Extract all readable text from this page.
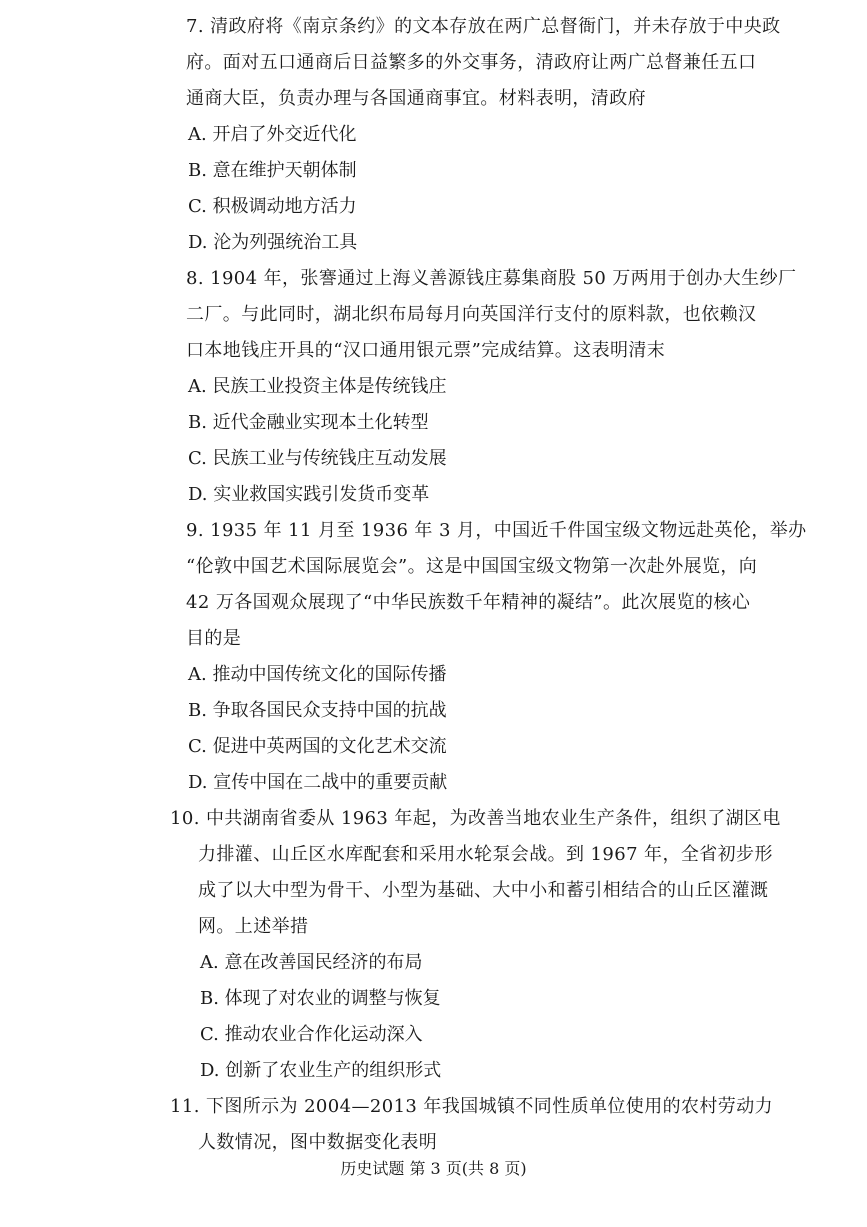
7. 清政府将《南京条约》的文本存放在两广总督衙门，并未存放于中央政
府。面对五口通商后日益繁多的外交事务，清政府让两广总督兼任五口
通商大臣，负责办理与各国通商事宜。材料表明，清政府
A. 开启了外交近代化
B. 意在维护天朝体制
C. 积极调动地方活力
D. 沦为列强统治工具
8. 1904 年，张謇通过上海义善源钱庄募集商股 50 万两用于创办大生纱厂
二厂。与此同时，湖北织布局每月向英国洋行支付的原料款，也依赖汉
口本地钱庄开具的“汉口通用银元票”完成结算。这表明清末
A. 民族工业投资主体是传统钱庄
B. 近代金融业实现本土化转型
C. 民族工业与传统钱庄互动发展
D. 实业救国实践引发货币变革
9. 1935 年 11 月至 1936 年 3 月，中国近千件国宝级文物远赴英伦，举办
“伦敦中国艺术国际展览会”。这是中国国宝级文物第一次赴外展览，向
42 万各国观众展现了“中华民族数千年精神的凝结”。此次展览的核心
目的是
A. 推动中国传统文化的国际传播
B. 争取各国民众支持中国的抗战
C. 促进中英两国的文化艺术交流
D. 宣传中国在二战中的重要贡献
10. 中共湖南省委从 1963 年起，为改善当地农业生产条件，组织了湖区电
力排灌、山丘区水库配套和采用水轮泵会战。到 1967 年，全省初步形
成了以大中型为骨干、小型为基础、大中小和蓄引相结合的山丘区灌溉
网。上述举措
A. 意在改善国民经济的布局
B. 体现了对农业的调整与恢复
C. 推动农业合作化运动深入
D. 创新了农业生产的组织形式
11. 下图所示为 2004—2013 年我国城镇不同性质单位使用的农村劳动力
人数情况，图中数据变化表明
历史试题 第 3 页(共 8 页)
